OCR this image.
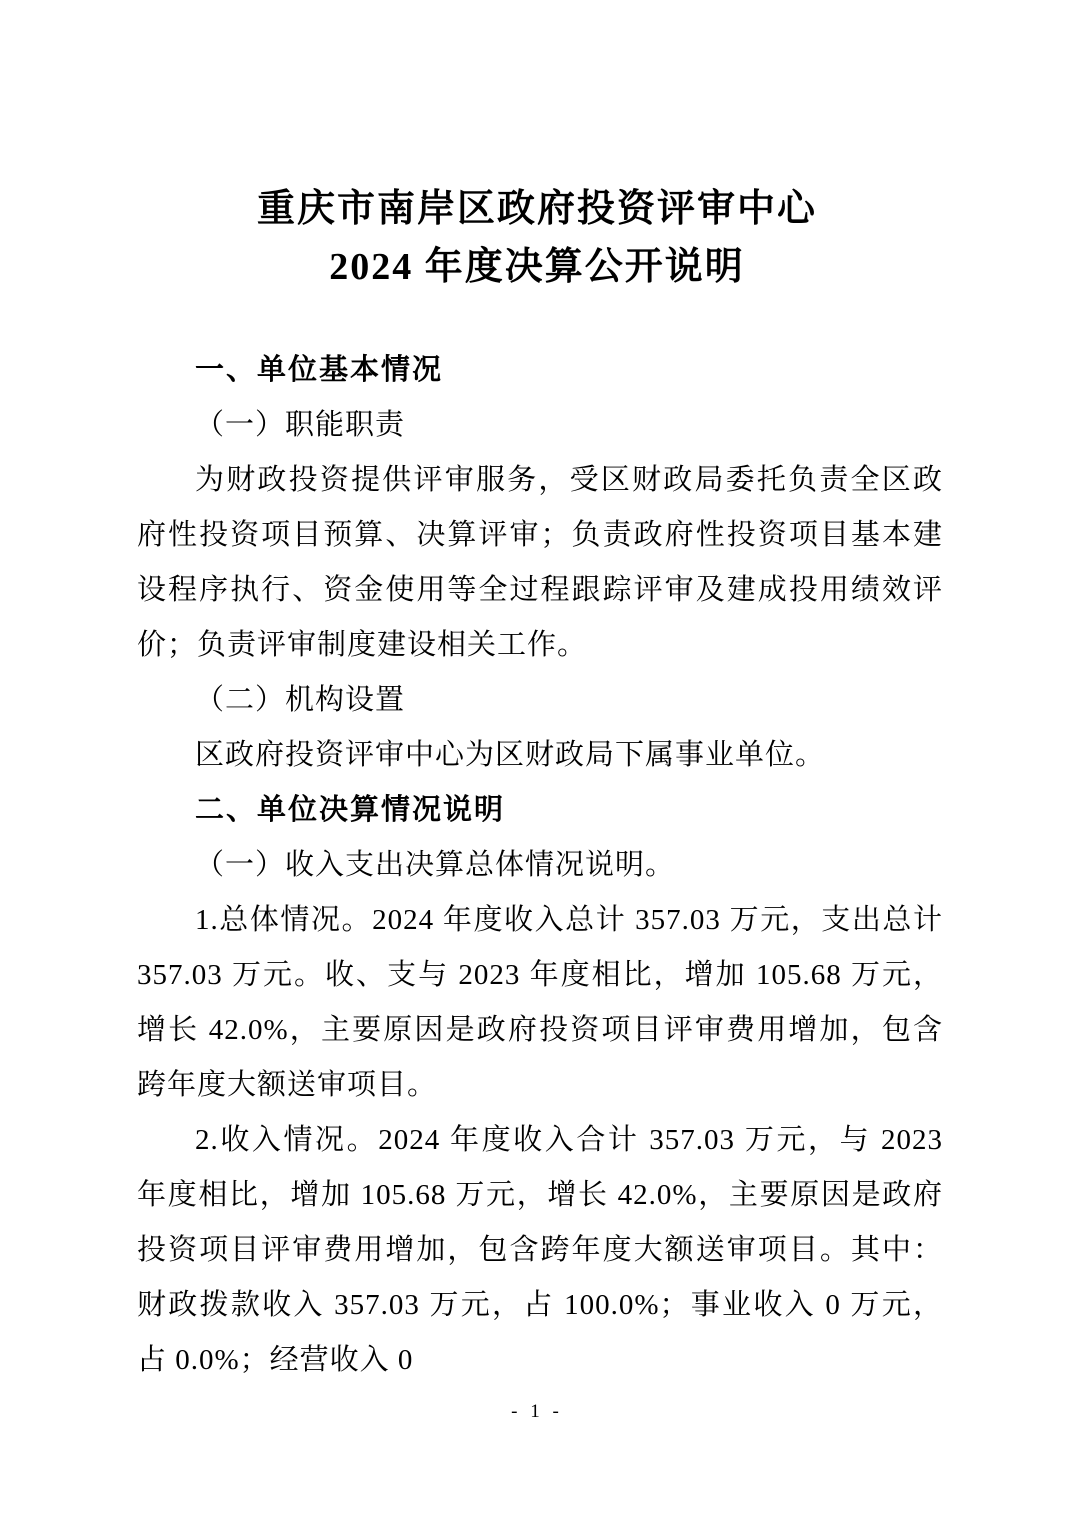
重庆市南岸区政府投资评审中心
2024 年度决算公开说明
一、单位基本情况
（一）职能职责
为财政投资提供评审服务，受区财政局委托负责全区政府性投资项目预算、决算评审；负责政府性投资项目基本建设程序执行、资金使用等全过程跟踪评审及建成投用绩效评价；负责评审制度建设相关工作。
（二）机构设置
区政府投资评审中心为区财政局下属事业单位。
二、单位决算情况说明
（一）收入支出决算总体情况说明。
1.总体情况。2024 年度收入总计 357.03 万元，支出总计 357.03 万元。收、支与 2023 年度相比，增加 105.68 万元，增长 42.0%，主要原因是政府投资项目评审费用增加，包含跨年度大额送审项目。
2.收入情况。2024 年度收入合计 357.03 万元，与 2023 年度相比，增加 105.68 万元，增长 42.0%，主要原因是政府投资项目评审费用增加，包含跨年度大额送审项目。其中：财政拨款收入 357.03 万元，占 100.0%；事业收入 0 万元，占 0.0%；经营收入 0
- 1 -
